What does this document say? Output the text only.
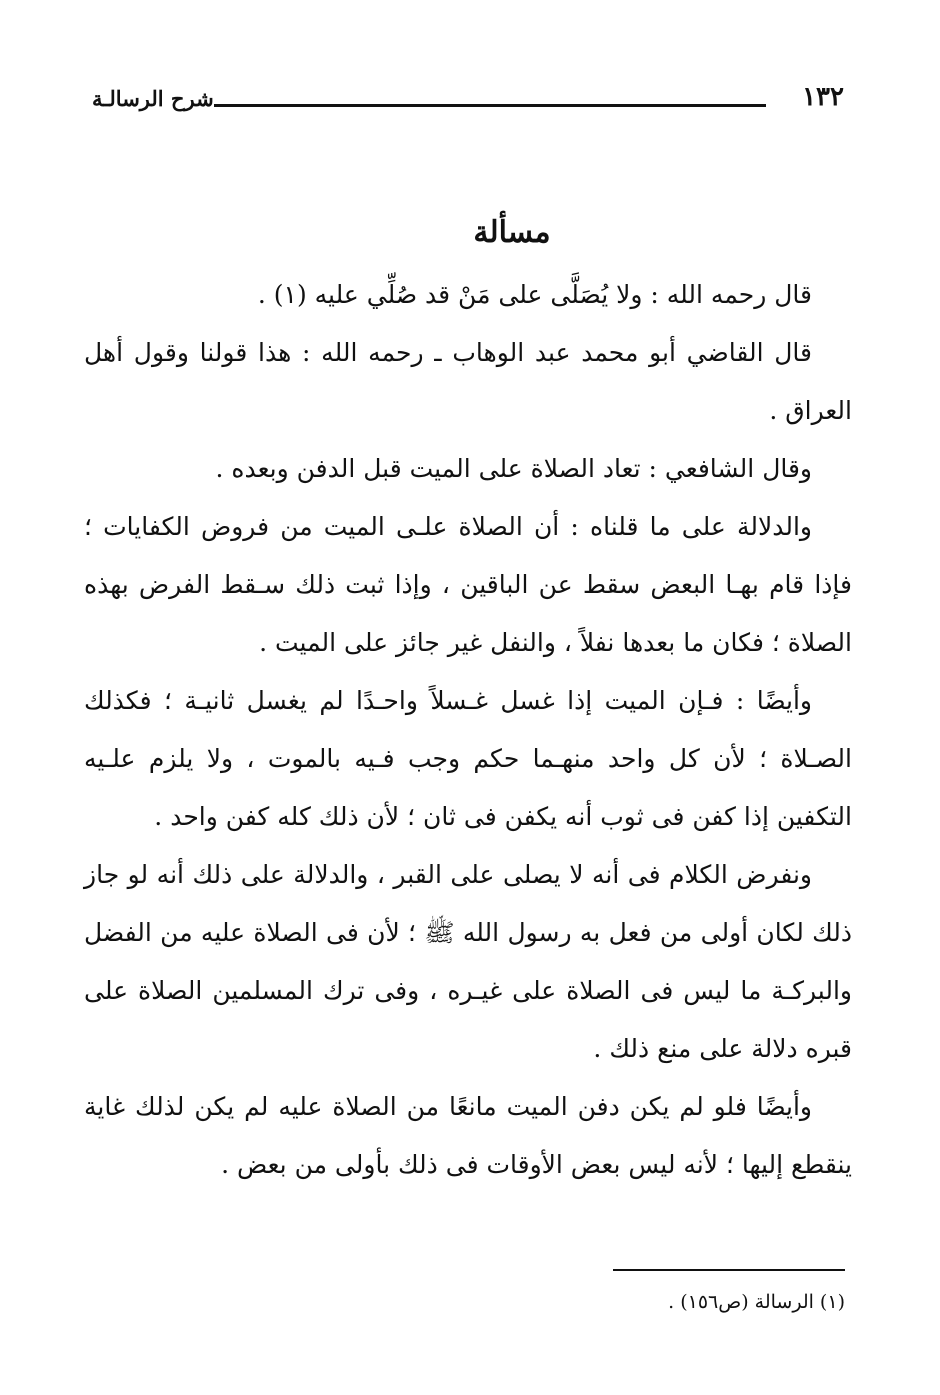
١٣٢
شرح الرسالـة
مسألة

قال رحمه الله : ولا يُصَلَّى على مَنْ قد صُلِّي عليه (١) .

قال القاضي أبو محمد عبد الوهاب ـ رحمه الله : هذا قولنا وقول أهل العراق .

وقال الشافعي : تعاد الصلاة على الميت قبل الدفن وبعده .

والدلالة على ما قلناه : أن الصلاة علـى الميت من فروض الكفايات ؛ فإذا قام بهـا البعض سقط عن الباقين ، وإذا ثبت ذلك سـقط الفرض بهذه الصلاة ؛ فكان ما بعدها نفلاً ، والنفل غير جائز على الميت .

وأيضًا : فـإن الميت إذا غسل غـسلاً واحـدًا لم يغسل ثانيـة ؛ فكذلك الصـلاة ؛ لأن كل واحد منهـما حكم وجب فـيه بالموت ، ولا يلزم علـيه التكفين إذا كفن فى ثوب أنه يكفن فى ثان ؛ لأن ذلك كله كفن واحد .

ونفرض الكلام فى أنه لا يصلى على القبر ، والدلالة على ذلك أنه لو جاز ذلك لكان أولى من فعل به رسول الله ﷺ ؛ لأن فى الصلاة عليه من الفضل والبركـة ما ليس فى الصلاة على غيـره ، وفى ترك المسلمين الصلاة على قبره دلالة على منع ذلك .

وأيضًا فلو لم يكن دفن الميت مانعًا من الصلاة عليه لم يكن لذلك غاية ينقطع إليها ؛ لأنه ليس بعض الأوقات فى ذلك بأولى من بعض .

(١) الرسالة (ص١٥٦) .
